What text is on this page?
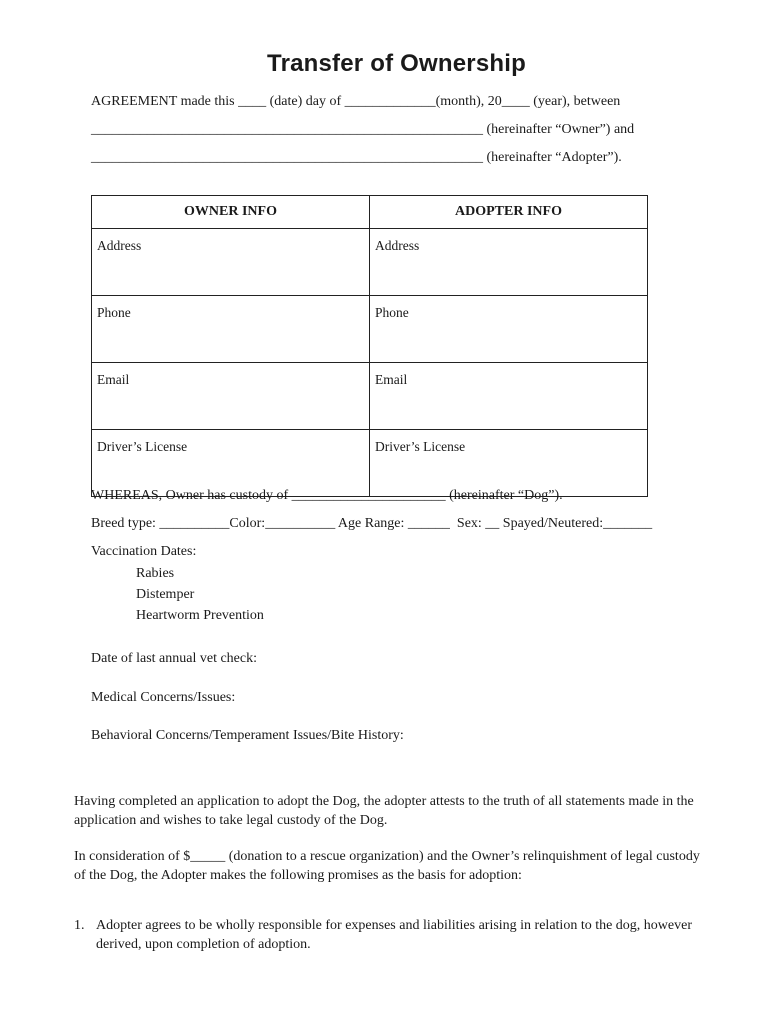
Transfer of Ownership
AGREEMENT made this ____ (date) day of _____________(month), 20____ (year), between
________________________________________________________ (hereinafter “Owner”) and
________________________________________________________ (hereinafter “Adopter”).
OWNER INFO	ADOPTER INFO
Address	Address
Phone	Phone
Email	Email
Driver’s License	Driver’s License
WHEREAS, Owner has custody of ______________________ (hereinafter “Dog”).
Breed type: __________Color:__________ Age Range: ______  Sex: __ Spayed/Neutered:_______
Vaccination Dates:
Rabies
Distemper
Heartworm Prevention
Date of last annual vet check:
Medical Concerns/Issues:
Behavioral Concerns/Temperament Issues/Bite History:
Having completed an application to adopt the Dog, the adopter attests to the truth of all statements made in the application and wishes to take legal custody of the Dog.
In consideration of $_____ (donation to a rescue organization) and the Owner’s relinquishment of legal custody of the Dog, the Adopter makes the following promises as the basis for adoption:
1. Adopter agrees to be wholly responsible for expenses and liabilities arising in relation to the dog, however derived, upon completion of adoption.
